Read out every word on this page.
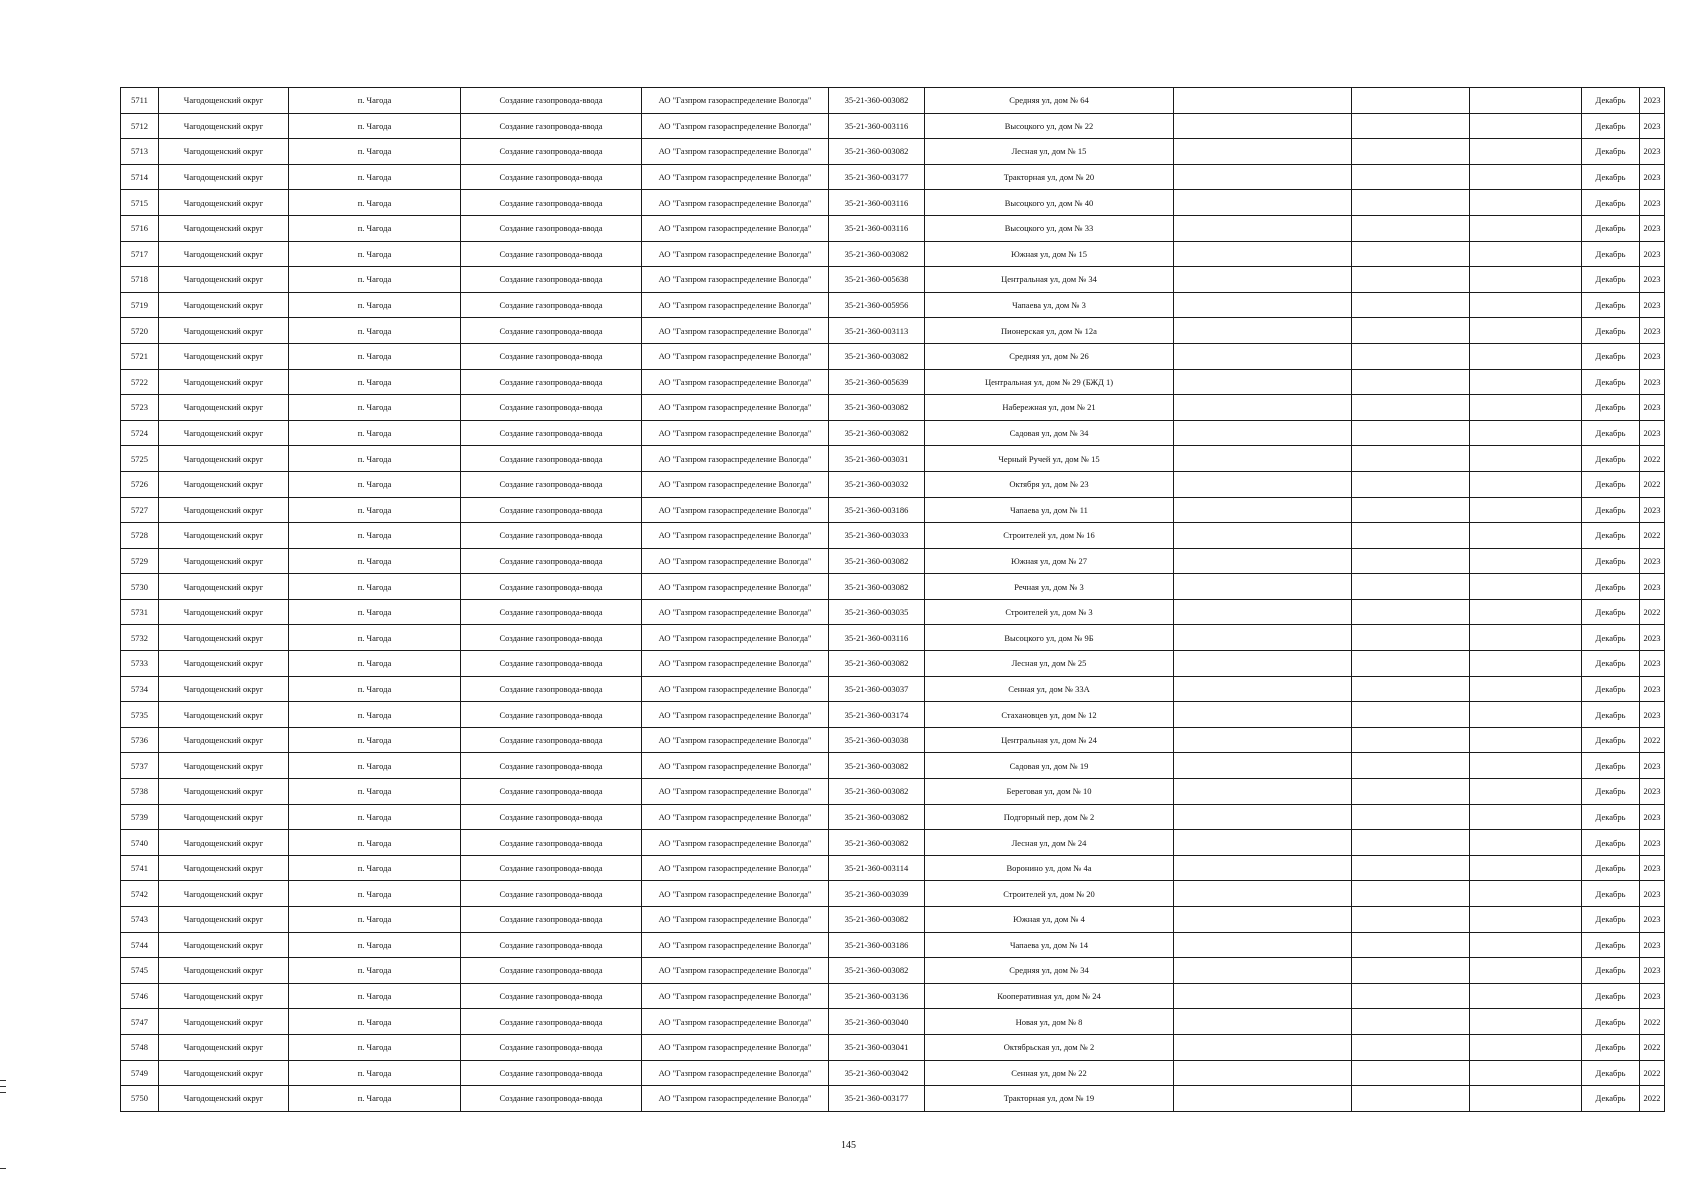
5711	Чагодощенский округ	п. Чагода	Создание газопровода-ввода	АО "Газпром газораспределение Вологда"	35-21-360-003082	Средняя ул, дом № 64				Декабрь	2023
5712	Чагодощенский округ	п. Чагода	Создание газопровода-ввода	АО "Газпром газораспределение Вологда"	35-21-360-003116	Высоцкого ул, дом № 22				Декабрь	2023
5713	Чагодощенский округ	п. Чагода	Создание газопровода-ввода	АО "Газпром газораспределение Вологда"	35-21-360-003082	Лесная ул, дом № 15				Декабрь	2023
5714	Чагодощенский округ	п. Чагода	Создание газопровода-ввода	АО "Газпром газораспределение Вологда"	35-21-360-003177	Тракторная ул, дом № 20				Декабрь	2023
5715	Чагодощенский округ	п. Чагода	Создание газопровода-ввода	АО "Газпром газораспределение Вологда"	35-21-360-003116	Высоцкого ул, дом № 40				Декабрь	2023
5716	Чагодощенский округ	п. Чагода	Создание газопровода-ввода	АО "Газпром газораспределение Вологда"	35-21-360-003116	Высоцкого ул, дом № 33				Декабрь	2023
5717	Чагодощенский округ	п. Чагода	Создание газопровода-ввода	АО "Газпром газораспределение Вологда"	35-21-360-003082	Южная ул, дом № 15				Декабрь	2023
5718	Чагодощенский округ	п. Чагода	Создание газопровода-ввода	АО "Газпром газораспределение Вологда"	35-21-360-005638	Центральная ул, дом № 34				Декабрь	2023
5719	Чагодощенский округ	п. Чагода	Создание газопровода-ввода	АО "Газпром газораспределение Вологда"	35-21-360-005956	Чапаева ул, дом № 3				Декабрь	2023
5720	Чагодощенский округ	п. Чагода	Создание газопровода-ввода	АО "Газпром газораспределение Вологда"	35-21-360-003113	Пионерская ул, дом № 12а				Декабрь	2023
5721	Чагодощенский округ	п. Чагода	Создание газопровода-ввода	АО "Газпром газораспределение Вологда"	35-21-360-003082	Средняя ул, дом № 26				Декабрь	2023
5722	Чагодощенский округ	п. Чагода	Создание газопровода-ввода	АО "Газпром газораспределение Вологда"	35-21-360-005639	Центральная ул, дом № 29 (БЖД 1)				Декабрь	2023
5723	Чагодощенский округ	п. Чагода	Создание газопровода-ввода	АО "Газпром газораспределение Вологда"	35-21-360-003082	Набережная ул, дом № 21				Декабрь	2023
5724	Чагодощенский округ	п. Чагода	Создание газопровода-ввода	АО "Газпром газораспределение Вологда"	35-21-360-003082	Садовая ул, дом № 34				Декабрь	2023
5725	Чагодощенский округ	п. Чагода	Создание газопровода-ввода	АО "Газпром газораспределение Вологда"	35-21-360-003031	Черный Ручей ул, дом № 15				Декабрь	2022
5726	Чагодощенский округ	п. Чагода	Создание газопровода-ввода	АО "Газпром газораспределение Вологда"	35-21-360-003032	Октября ул, дом № 23				Декабрь	2022
5727	Чагодощенский округ	п. Чагода	Создание газопровода-ввода	АО "Газпром газораспределение Вологда"	35-21-360-003186	Чапаева ул, дом № 11				Декабрь	2023
5728	Чагодощенский округ	п. Чагода	Создание газопровода-ввода	АО "Газпром газораспределение Вологда"	35-21-360-003033	Строителей ул, дом № 16				Декабрь	2022
5729	Чагодощенский округ	п. Чагода	Создание газопровода-ввода	АО "Газпром газораспределение Вологда"	35-21-360-003082	Южная ул, дом № 27				Декабрь	2023
5730	Чагодощенский округ	п. Чагода	Создание газопровода-ввода	АО "Газпром газораспределение Вологда"	35-21-360-003082	Речная ул, дом № 3				Декабрь	2023
5731	Чагодощенский округ	п. Чагода	Создание газопровода-ввода	АО "Газпром газораспределение Вологда"	35-21-360-003035	Строителей ул, дом № 3				Декабрь	2022
5732	Чагодощенский округ	п. Чагода	Создание газопровода-ввода	АО "Газпром газораспределение Вологда"	35-21-360-003116	Высоцкого ул, дом № 9Б				Декабрь	2023
5733	Чагодощенский округ	п. Чагода	Создание газопровода-ввода	АО "Газпром газораспределение Вологда"	35-21-360-003082	Лесная ул, дом № 25				Декабрь	2023
5734	Чагодощенский округ	п. Чагода	Создание газопровода-ввода	АО "Газпром газораспределение Вологда"	35-21-360-003037	Сенная ул, дом № 33А				Декабрь	2023
5735	Чагодощенский округ	п. Чагода	Создание газопровода-ввода	АО "Газпром газораспределение Вологда"	35-21-360-003174	Стахановцев ул, дом № 12				Декабрь	2023
5736	Чагодощенский округ	п. Чагода	Создание газопровода-ввода	АО "Газпром газораспределение Вологда"	35-21-360-003038	Центральная ул, дом № 24				Декабрь	2022
5737	Чагодощенский округ	п. Чагода	Создание газопровода-ввода	АО "Газпром газораспределение Вологда"	35-21-360-003082	Садовая ул, дом № 19				Декабрь	2023
5738	Чагодощенский округ	п. Чагода	Создание газопровода-ввода	АО "Газпром газораспределение Вологда"	35-21-360-003082	Береговая ул, дом № 10				Декабрь	2023
5739	Чагодощенский округ	п. Чагода	Создание газопровода-ввода	АО "Газпром газораспределение Вологда"	35-21-360-003082	Подгорный пер, дом № 2				Декабрь	2023
5740	Чагодощенский округ	п. Чагода	Создание газопровода-ввода	АО "Газпром газораспределение Вологда"	35-21-360-003082	Лесная ул, дом № 24				Декабрь	2023
5741	Чагодощенский округ	п. Чагода	Создание газопровода-ввода	АО "Газпром газораспределение Вологда"	35-21-360-003114	Воронино ул, дом № 4а				Декабрь	2023
5742	Чагодощенский округ	п. Чагода	Создание газопровода-ввода	АО "Газпром газораспределение Вологда"	35-21-360-003039	Строителей ул, дом № 20				Декабрь	2023
5743	Чагодощенский округ	п. Чагода	Создание газопровода-ввода	АО "Газпром газораспределение Вологда"	35-21-360-003082	Южная ул, дом № 4				Декабрь	2023
5744	Чагодощенский округ	п. Чагода	Создание газопровода-ввода	АО "Газпром газораспределение Вологда"	35-21-360-003186	Чапаева ул, дом № 14				Декабрь	2023
5745	Чагодощенский округ	п. Чагода	Создание газопровода-ввода	АО "Газпром газораспределение Вологда"	35-21-360-003082	Средняя ул, дом № 34				Декабрь	2023
5746	Чагодощенский округ	п. Чагода	Создание газопровода-ввода	АО "Газпром газораспределение Вологда"	35-21-360-003136	Кооперативная ул, дом № 24				Декабрь	2023
5747	Чагодощенский округ	п. Чагода	Создание газопровода-ввода	АО "Газпром газораспределение Вологда"	35-21-360-003040	Новая ул, дом № 8				Декабрь	2022
5748	Чагодощенский округ	п. Чагода	Создание газопровода-ввода	АО "Газпром газораспределение Вологда"	35-21-360-003041	Октябрьская ул, дом № 2				Декабрь	2022
5749	Чагодощенский округ	п. Чагода	Создание газопровода-ввода	АО "Газпром газораспределение Вологда"	35-21-360-003042	Сенная ул, дом № 22				Декабрь	2022
5750	Чагодощенский округ	п. Чагода	Создание газопровода-ввода	АО "Газпром газораспределение Вологда"	35-21-360-003177	Тракторная ул, дом № 19				Декабрь	2022
145
